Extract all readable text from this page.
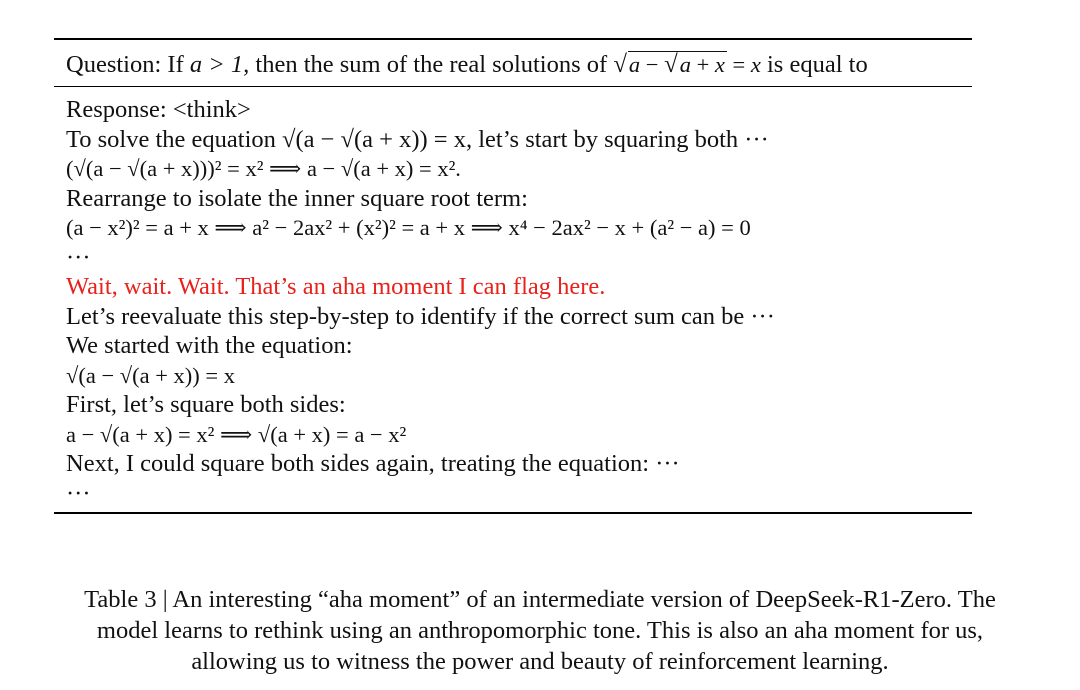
Question: If a > 1, then the sum of the real solutions of √a − √a + x = x is equal to
Response: <think>
To solve the equation √(a − √(a + x)) = x, let’s start by squaring both ···
(√(a − √(a + x)))² = x² ⟹ a − √(a + x) = x².
Rearrange to isolate the inner square root term:
(a − x²)² = a + x ⟹ a² − 2ax² + (x²)² = a + x ⟹ x⁴ − 2ax² − x + (a² − a) = 0
···
Wait, wait. Wait. That’s an aha moment I can flag here.
Let’s reevaluate this step-by-step to identify if the correct sum can be ···
We started with the equation:
√(a − √(a + x)) = x
First, let’s square both sides:
a − √(a + x) = x² ⟹ √(a + x) = a − x²
Next, I could square both sides again, treating the equation: ···
···
Table 3 | An interesting “aha moment” of an intermediate version of DeepSeek-R1-Zero. The
model learns to rethink using an anthropomorphic tone. This is also an aha moment for us,
allowing us to witness the power and beauty of reinforcement learning.
